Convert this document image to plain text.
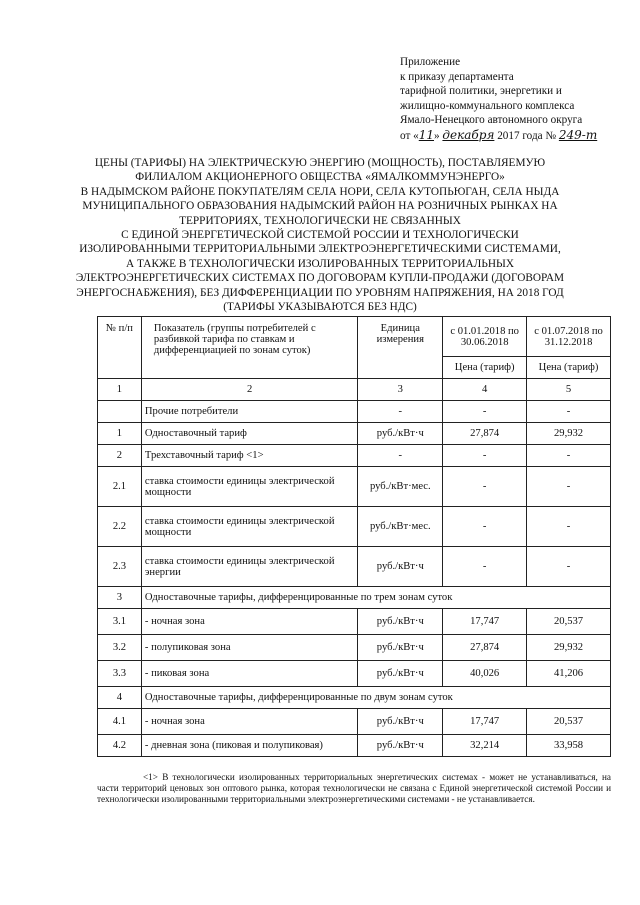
Приложение
к приказу департамента
тарифной политики, энергетики и
жилищно-коммунального комплекса
Ямало-Ненецкого автономного округа
от «11» декабря 2017 года № 249-т
ЦЕНЫ (ТАРИФЫ) НА ЭЛЕКТРИЧЕСКУЮ ЭНЕРГИЮ (МОЩНОСТЬ), ПОСТАВЛЯЕМУЮ
ФИЛИАЛОМ АКЦИОНЕРНОГО ОБЩЕСТВА «ЯМАЛКОММУНЭНЕРГО»
В НАДЫМСКОМ РАЙОНЕ ПОКУПАТЕЛЯМ СЕЛА НОРИ, СЕЛА КУТОПЬЮГАН, СЕЛА НЫДА
МУНИЦИПАЛЬНОГО ОБРАЗОВАНИЯ НАДЫМСКИЙ РАЙОН НА РОЗНИЧНЫХ РЫНКАХ НА
ТЕРРИТОРИЯХ, ТЕХНОЛОГИЧЕСКИ НЕ СВЯЗАННЫХ
С ЕДИНОЙ ЭНЕРГЕТИЧЕСКОЙ СИСТЕМОЙ РОССИИ И ТЕХНОЛОГИЧЕСКИ
ИЗОЛИРОВАННЫМИ ТЕРРИТОРИАЛЬНЫМИ ЭЛЕКТРОЭНЕРГЕТИЧЕСКИМИ СИСТЕМАМИ,
А ТАКЖЕ В ТЕХНОЛОГИЧЕСКИ ИЗОЛИРОВАННЫХ ТЕРРИТОРИАЛЬНЫХ
ЭЛЕКТРОЭНЕРГЕТИЧЕСКИХ СИСТЕМАХ ПО ДОГОВОРАМ КУПЛИ-ПРОДАЖИ (ДОГОВОРАМ
ЭНЕРГОСНАБЖЕНИЯ), БЕЗ ДИФФЕРЕНЦИАЦИИ ПО УРОВНЯМ НАПРЯЖЕНИЯ, НА 2018 ГОД
(ТАРИФЫ УКАЗЫВАЮТСЯ БЕЗ НДС)
№ п/п	Показатель (группы потребителей с разбивкой тарифа по ставкам и дифференциацией по зонам суток)	Единица измерения	с 01.01.2018 по 30.06.2018	с 01.07.2018 по 31.12.2018
			Цена (тариф)	Цена (тариф)
1	2	3	4	5
	Прочие потребители	-	-	-
1	Одноставочный тариф	руб./кВт·ч	27,874	29,932
2	Трехставочный тариф <1>	-	-	-
2.1	ставка стоимости единицы электрической мощности	руб./кВт·мес.	-	-
2.2	ставка стоимости единицы электрической мощности	руб./кВт·мес.	-	-
2.3	ставка стоимости единицы электрической энергии	руб./кВт·ч	-	-
3	Одноставочные тарифы, дифференцированные по трем зонам суток			
3.1	- ночная зона	руб./кВт·ч	17,747	20,537
3.2	- полупиковая зона	руб./кВт·ч	27,874	29,932
3.3	- пиковая зона	руб./кВт·ч	40,026	41,206
4	Одноставочные тарифы, дифференцированные по двум зонам суток			
4.1	- ночная зона	руб./кВт·ч	17,747	20,537
4.2	- дневная зона (пиковая и полупиковая)	руб./кВт·ч	32,214	33,958
<1> В технологически изолированных территориальных энергетических системах - может не устанавливаться, на части территорий ценовых зон оптового рынка, которая технологически не связана с Единой энергетической системой России и технологически изолированными территориальными электроэнергетическими системами - не устанавливается.
